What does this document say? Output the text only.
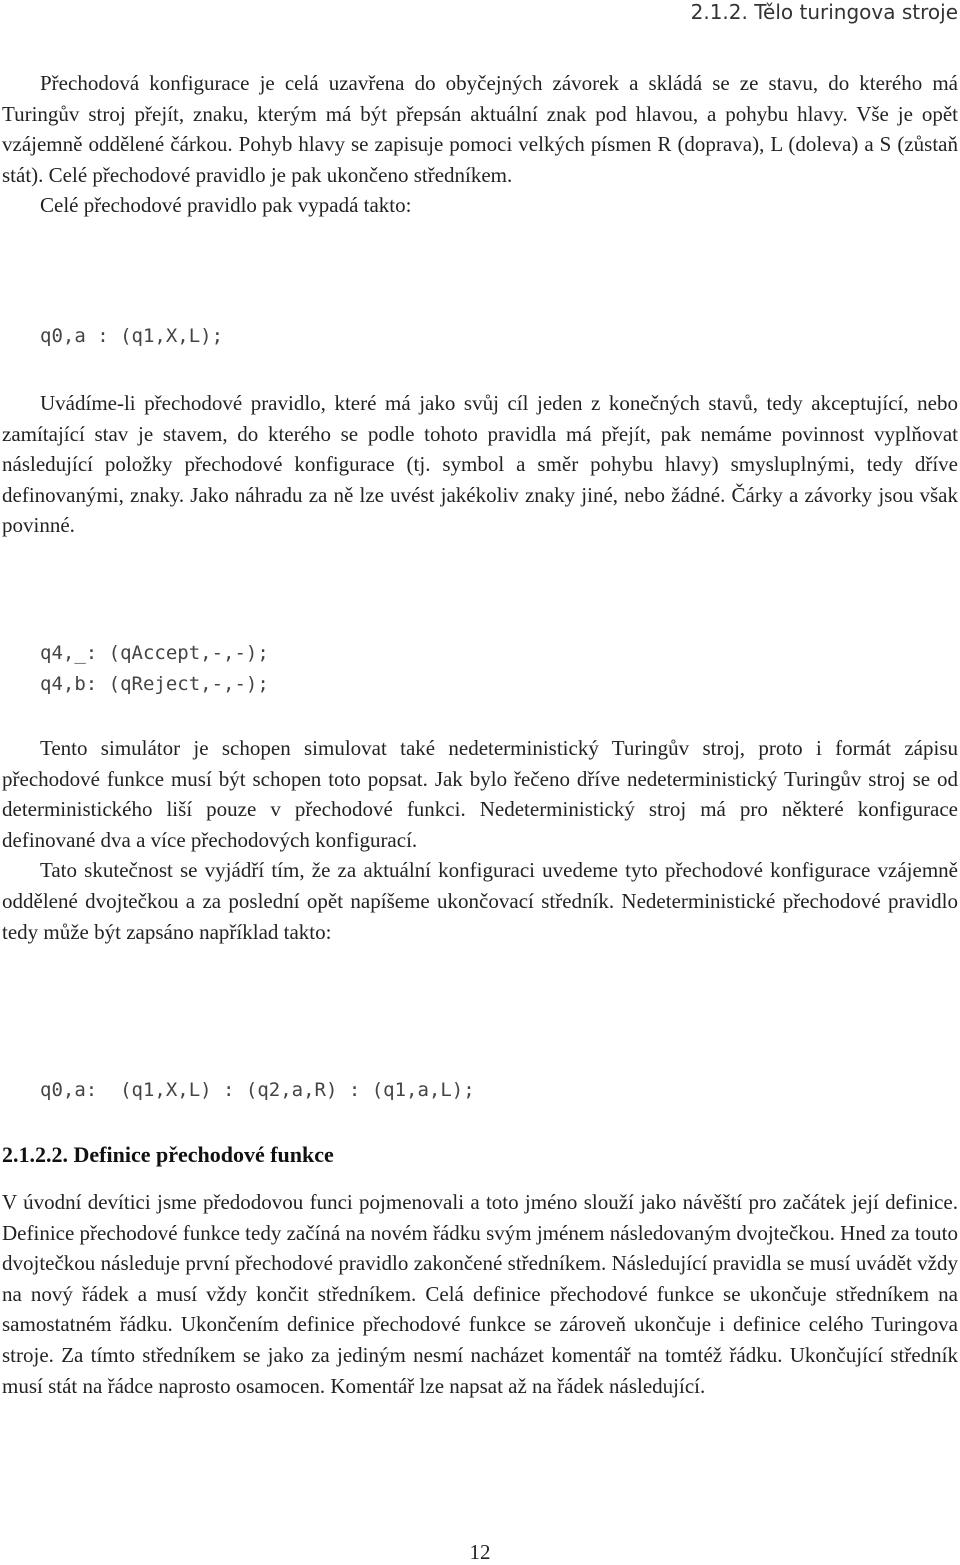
2.1.2. Tělo turingova stroje

Přechodová konfigurace je celá uzavřena do obyčejných závorek a skládá se ze stavu, do kterého má Turingův stroj přejít, znaku, kterým má být přepsán aktuální znak pod hlavou, a pohybu hlavy. Vše je opět vzájemně oddělené čárkou. Pohyb hlavy se zapisuje pomoci velkých písmen R (doprava), L (doleva) a S (zůstaň stát). Celé přechodové pravidlo je pak ukončeno středníkem.

Celé přechodové pravidlo pak vypadá takto:

q0,a : (q1,X,L);

Uvádíme-li přechodové pravidlo, které má jako svůj cíl jeden z konečných stavů, tedy akceptující, nebo zamítající stav je stavem, do kterého se podle tohoto pravidla má přejít, pak nemáme povinnost vyplňovat následující položky přechodové konfigurace (tj. symbol a směr pohybu hlavy) smysluplnými, tedy dříve definovanými, znaky. Jako náhradu za ně lze uvést jakékoliv znaky jiné, nebo žádné. Čárky a závorky jsou však povinné.

q4,_: (qAccept,-,-);
q4,b: (qReject,-,-);

Tento simulátor je schopen simulovat také nedeterministický Turingův stroj, proto i formát zápisu přechodové funkce musí být schopen toto popsat. Jak bylo řečeno dříve nedeterministický Turingův stroj se od deterministického liší pouze v přechodové funkci. Nedeterministický stroj má pro některé konfigurace definované dva a více přechodových konfigurací.

Tato skutečnost se vyjádří tím, že za aktuální konfiguraci uvedeme tyto přechodové konfigurace vzájemně oddělené dvojtečkou a za poslední opět napíšeme ukončovací středník. Nedeterministické přechodové pravidlo tedy může být zapsáno například takto:

q0,a:  (q1,X,L) : (q2,a,R) : (q1,a,L);
2.1.2.2. Definice přechodové funkce

V úvodní devítici jsme předodovou funci pojmenovali a toto jméno slouží jako návěští pro začátek její definice. Definice přechodové funkce tedy začíná na novém řádku svým jménem následovaným dvojtečkou. Hned za touto dvojtečkou následuje první přechodové pravidlo zakončené středníkem. Následující pravidla se musí uvádět vždy na nový řádek a musí vždy končit středníkem. Celá definice přechodové funkce se ukončuje středníkem na samostatném řádku. Ukončením definice přechodové funkce se zároveň ukončuje i definice celého Turingova stroje. Za tímto středníkem se jako za jediným nesmí nacházet komentář na tomtéž řádku. Ukončující středník musí stát na řádce naprosto osamocen. Komentář lze napsat až na řádek následující.

12
